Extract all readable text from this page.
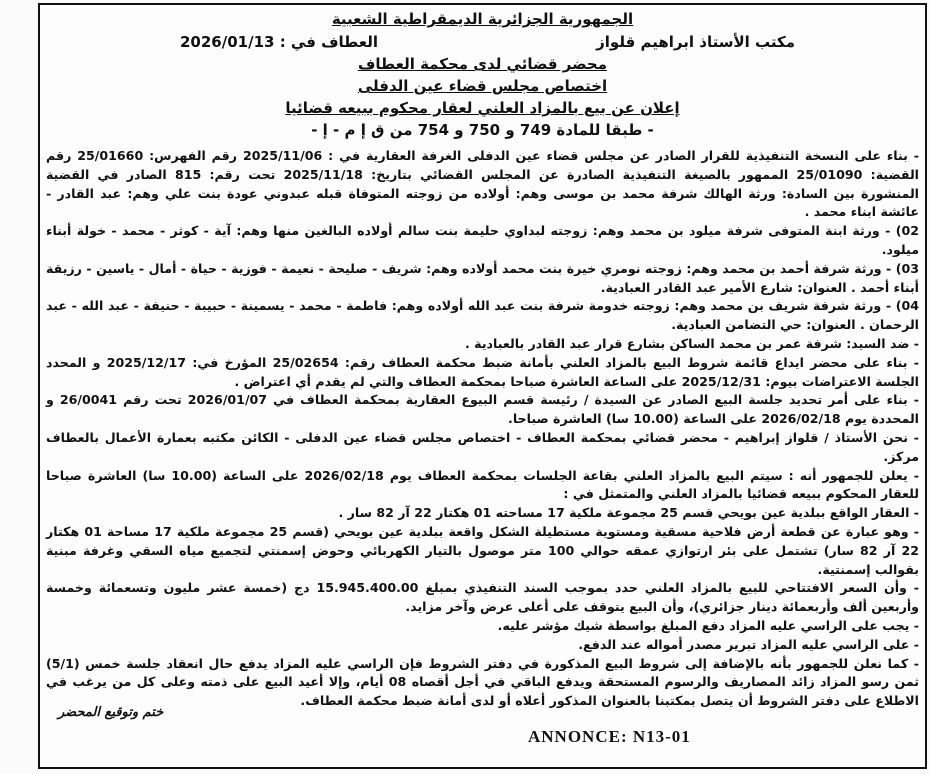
الجمهورية الجزائرية الديمقراطية الشعبية
مكتب الأستاذ ابراهيم قلواز
العطاف في : 2026/01/13
محضر قضائي لدى محكمة العطاف
اختصاص مجلس قضاء عين الدفلى
إعلان عن بيع بالمزاد العلني لعقار محكوم ببيعه قضائيا
- طبقا للمادة 749 و 750 و 754 من ق إ م - إ -

- بناء على النسخة التنفيذية للقرار الصادر عن مجلس قضاء عين الدفلى الغرفة العقارية في : 2025/11/06 رقم الفهرس: 25/01660 رقم القضية: 25/01090 الممهور بالصيغة التنفيذية الصادرة عن المجلس القضائي بتاريخ: 2025/11/18 تحت رقم: 815 الصادر في القضية المنشورة بين السادة: ورثة الهالك شرفة محمد بن موسى وهم: أولاده من زوجته المتوفاة قبله عبدوني عودة بنت علي وهم: عبد القادر - عائشة ابناء محمد .

02) - ورثة ابنة المتوفى شرفة ميلود بن محمد وهم: زوجته لبداوي حليمة بنت سالم أولاده البالغين منها وهم: آية - كوثر - محمد - خولة أبناء ميلود.

03) - ورثة شرفة أحمد بن محمد وهم: زوجته نومري خيرة بنت محمد أولاده وهم: شريف - صليحة - نعيمة - فوزية - حياة - أمال - ياسين - رزيقة أبناء أحمد . العنوان: شارع الأمير عبد القادر العبادية.

04) - ورثة شرفة شريف بن محمد وهم: زوجته خدومة شرفة بنت عبد الله أولاده وهم: فاطمة - محمد - يسمينة - حبيبة - حنيفة - عبد الله - عبد الرحمان . العنوان: حي التضامن العبادية.

- ضد السيد: شرفة عمر بن محمد الساكن بشارع قرار عبد القادر بالعبادية .

- بناء على محضر ايداع قائمة شروط البيع بالمزاد العلني بأمانة ضبط محكمة العطاف رقم: 25/02654 المؤرخ في: 2025/12/17 و المحدد الجلسة الاعتراضات بيوم: 2025/12/31 على الساعة العاشرة صباحا بمحكمة العطاف والتي لم يقدم أي اعتراض .

- بناء على أمر تحديد جلسة البيع الصادر عن السيدة / رئيسة قسم البيوع العقارية بمحكمة العطاف في 2026/01/07 تحت رقم 26/0041 و المحددة يوم 2026/02/18 على الساعة (10.00 سا) العاشرة صباحا.

- نحن الأستاذ / قلواز إبراهيم - محضر قضائي بمحكمة العطاف - اختصاص مجلس قضاء عين الدفلى - الكائن مكتبه بعمارة الأعمال بالعطاف مركز.

- يعلن للجمهور أنه : سيتم البيع بالمزاد العلني بقاعة الجلسات بمحكمة العطاف يوم 2026/02/18 على الساعة (10.00 سا) العاشرة صباحا للعقار المحكوم ببيعه قضائيا بالمزاد العلني والمتمثل في :

- العقار الواقع ببلدية عين بويحي قسم 25 مجموعة ملكية 17 مساحته 01 هكتار 22 آر 82 سار .

- وهو عبارة عن قطعة أرض فلاحية مسقية ومستوية مستطيلة الشكل واقعة ببلدية عين بويحي (قسم 25 مجموعة ملكية 17 مساحة 01 هكتار 22 آر 82 سار) تشتمل على بئر ارتوازي عمقه حوالي 100 متر موصول بالتيار الكهربائي وحوض إسمنتي لتجميع مياه السقي وغرفة مبنية بقوالب إسمنتية.

- وأن السعر الافتتاحي للبيع بالمزاد العلني حدد بموجب السند التنفيذي بمبلغ 15.945.400.00 دج (خمسة عشر مليون وتسعمائة وخمسة وأربعين ألف وأربعمائة دينار جزائري)، وأن البيع يتوقف على أعلى عرض وآخر مزايد.

- يجب على الراسي عليه المزاد دفع المبلغ بواسطة شيك مؤشر عليه.

- على الراسي عليه المزاد تبرير مصدر أمواله عند الدفع.

- كما نعلن للجمهور بأنه بالإضافة إلى شروط البيع المذكورة في دفتر الشروط فإن الراسي عليه المزاد يدفع حال انعقاد جلسة خمس (5/1) ثمن رسو المزاد زائد المصاريف والرسوم المستحقة ويدفع الباقي في أجل أقصاه 08 أيام، وإلا أعيد البيع على ذمته وعلى كل من يرغب في الاطلاع على دفتر الشروط أن يتصل بمكتبنا بالعنوان المذكور أعلاه أو لدى أمانة ضبط محكمة العطاف.

ختم وتوقيع المحضر
ANNONCE: N13-01
